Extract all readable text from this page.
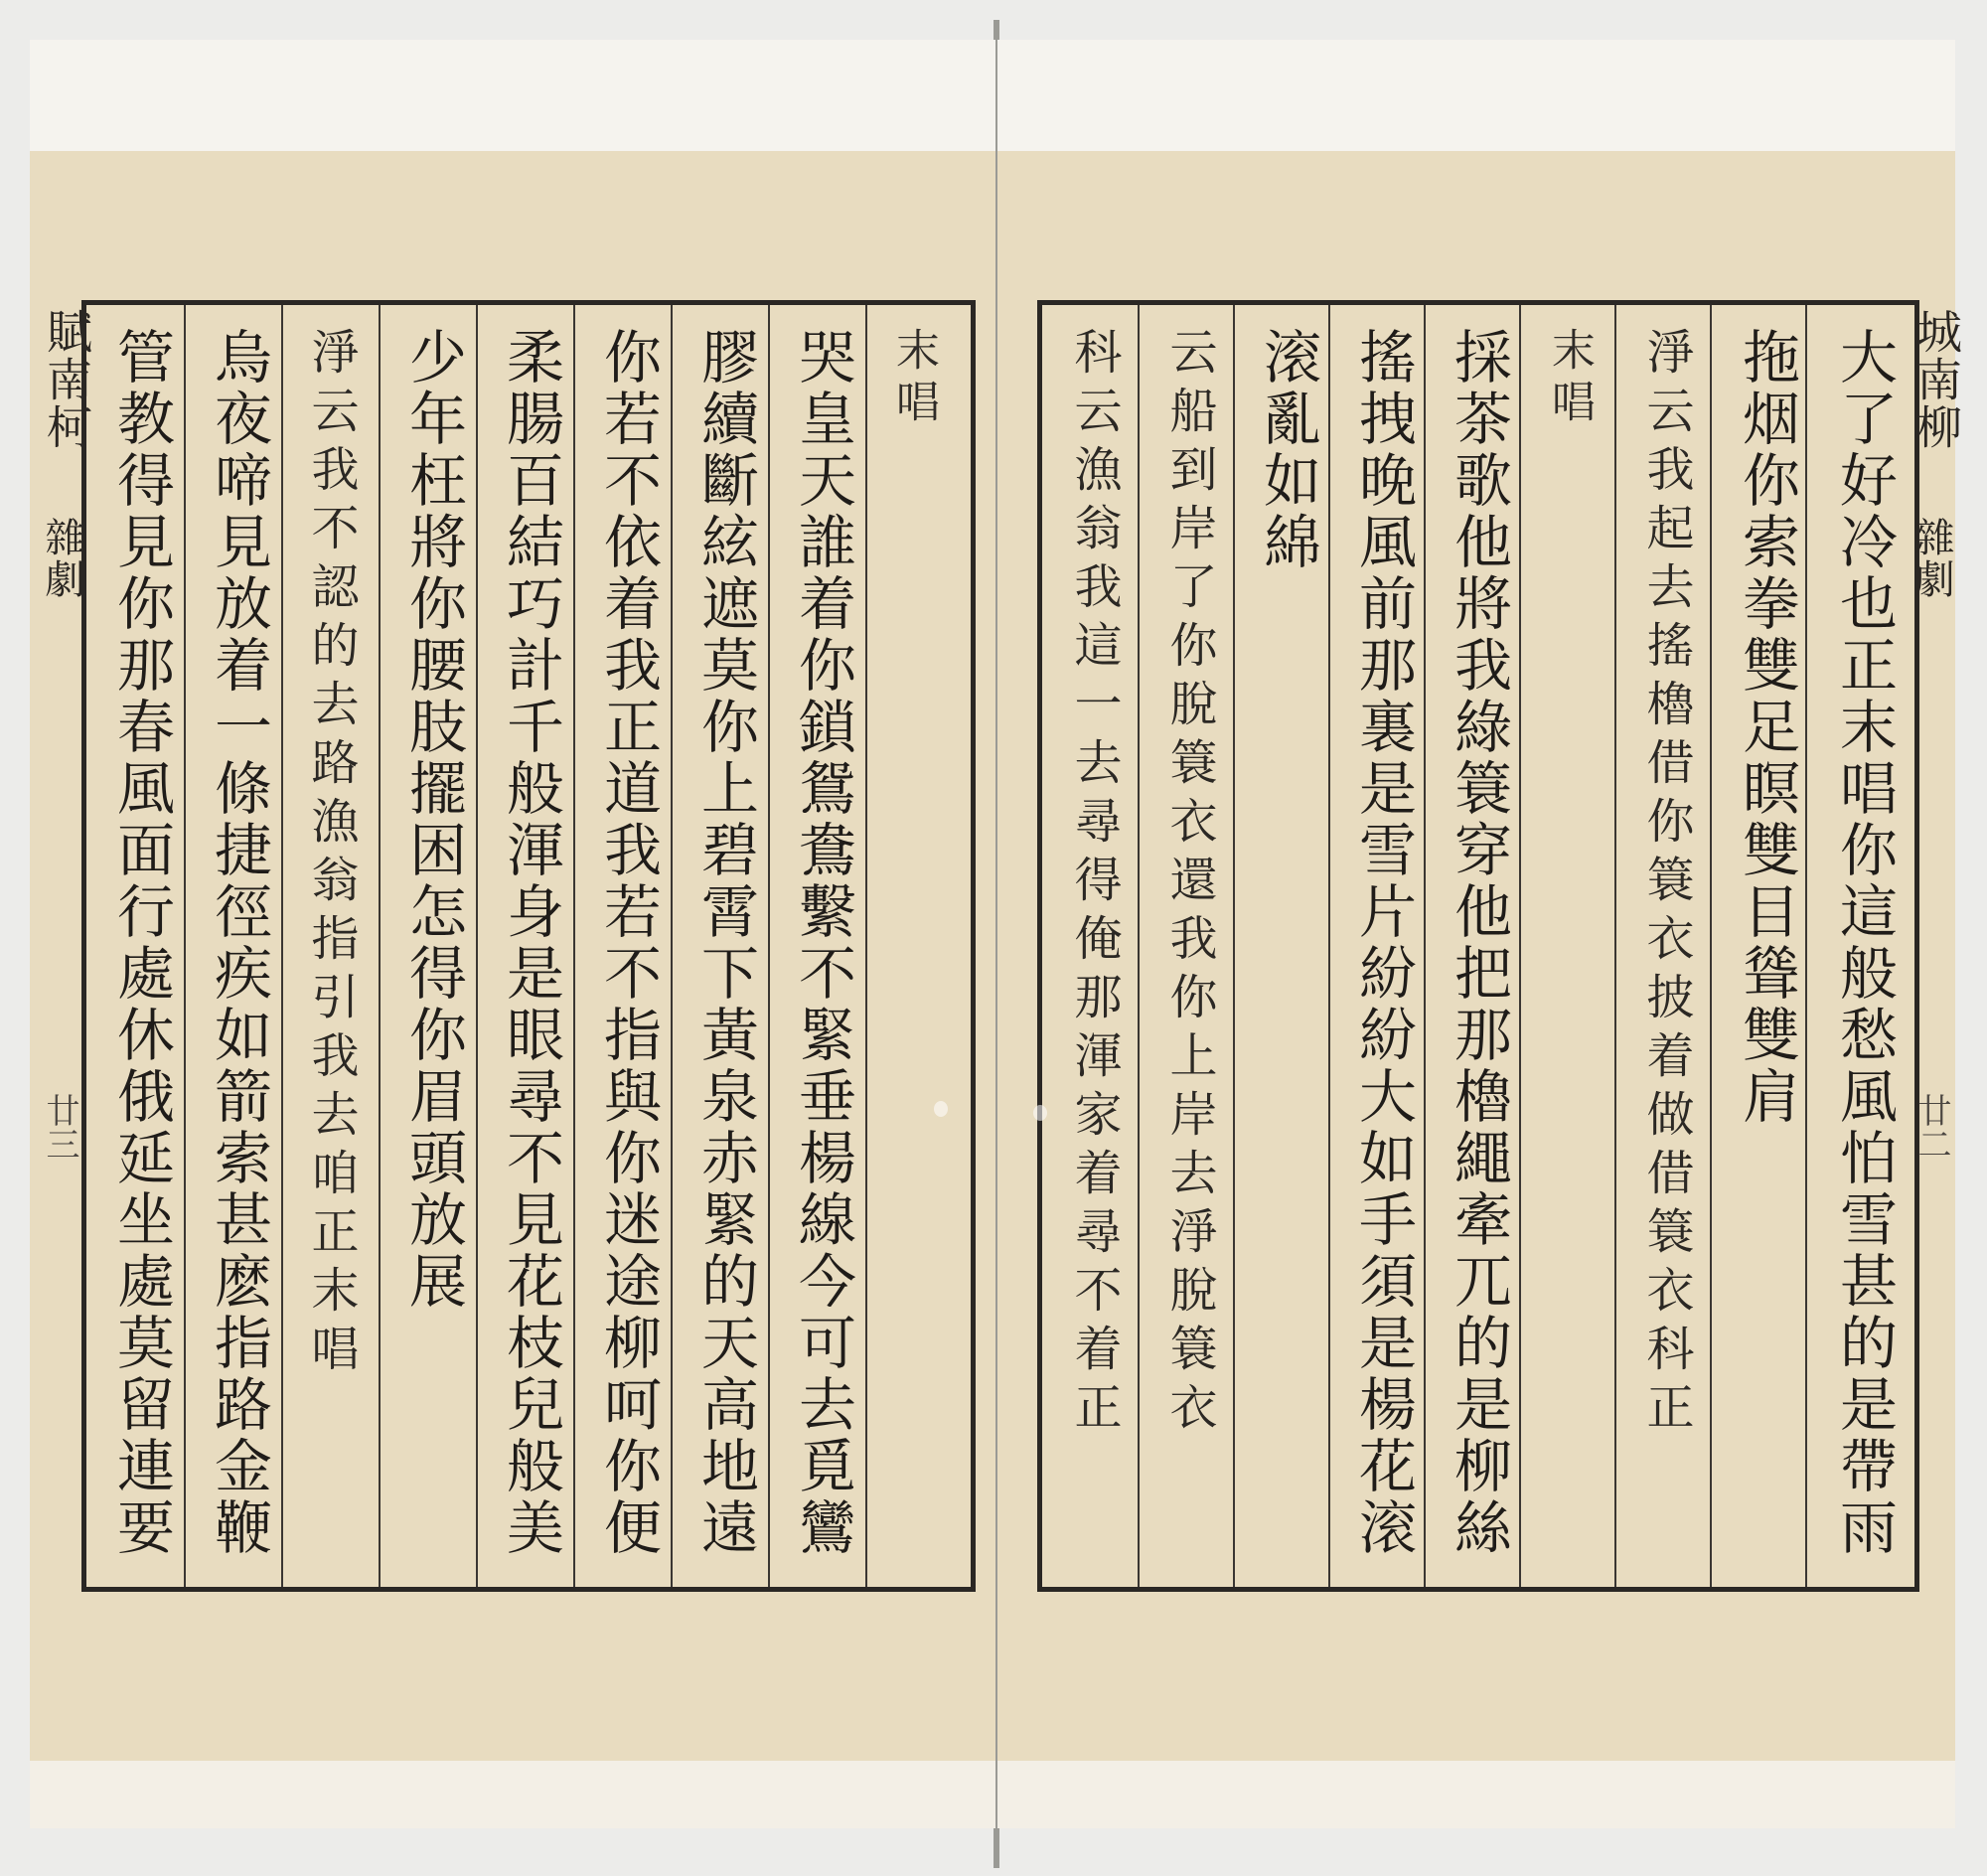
賦南柯
雜劇
廿三
末唱
哭皇天誰着你鎖鴛鴦繫不緊垂楊線今可去覓鸞
膠續斷絃遮莫你上碧霄下黃泉赤緊的天高地遠
你若不依着我正道我若不指與你迷途柳呵你便
柔腸百結巧計千般渾身是眼尋不見花枝兒般美
少年枉將你腰肢擺困怎得你眉頭放展
淨云我不認的去路漁翁指引我去咱正末唱
烏夜啼見放着一條捷徑疾如箭索甚麽指路金鞭
管教得見你那春風面行處休俄延坐處莫留連要	大了好冷也正末唱你這般愁風怕雪甚的是帶雨
拖烟你索拳雙足瞑雙目聳雙肩
淨云我起去搖櫓借你簑衣披着做借簑衣科正
末唱
採茶歌他將我綠簑穿他把那櫓繩牽兀的是柳絲
搖拽晚風前那裏是雪片紛紛大如手須是楊花滚
滚亂如綿
云船到岸了你脫簑衣還我你上岸去淨脫簑衣
科云漁翁我這一去尋得俺那渾家着尋不着正	城南柳
雜劇
廿二
